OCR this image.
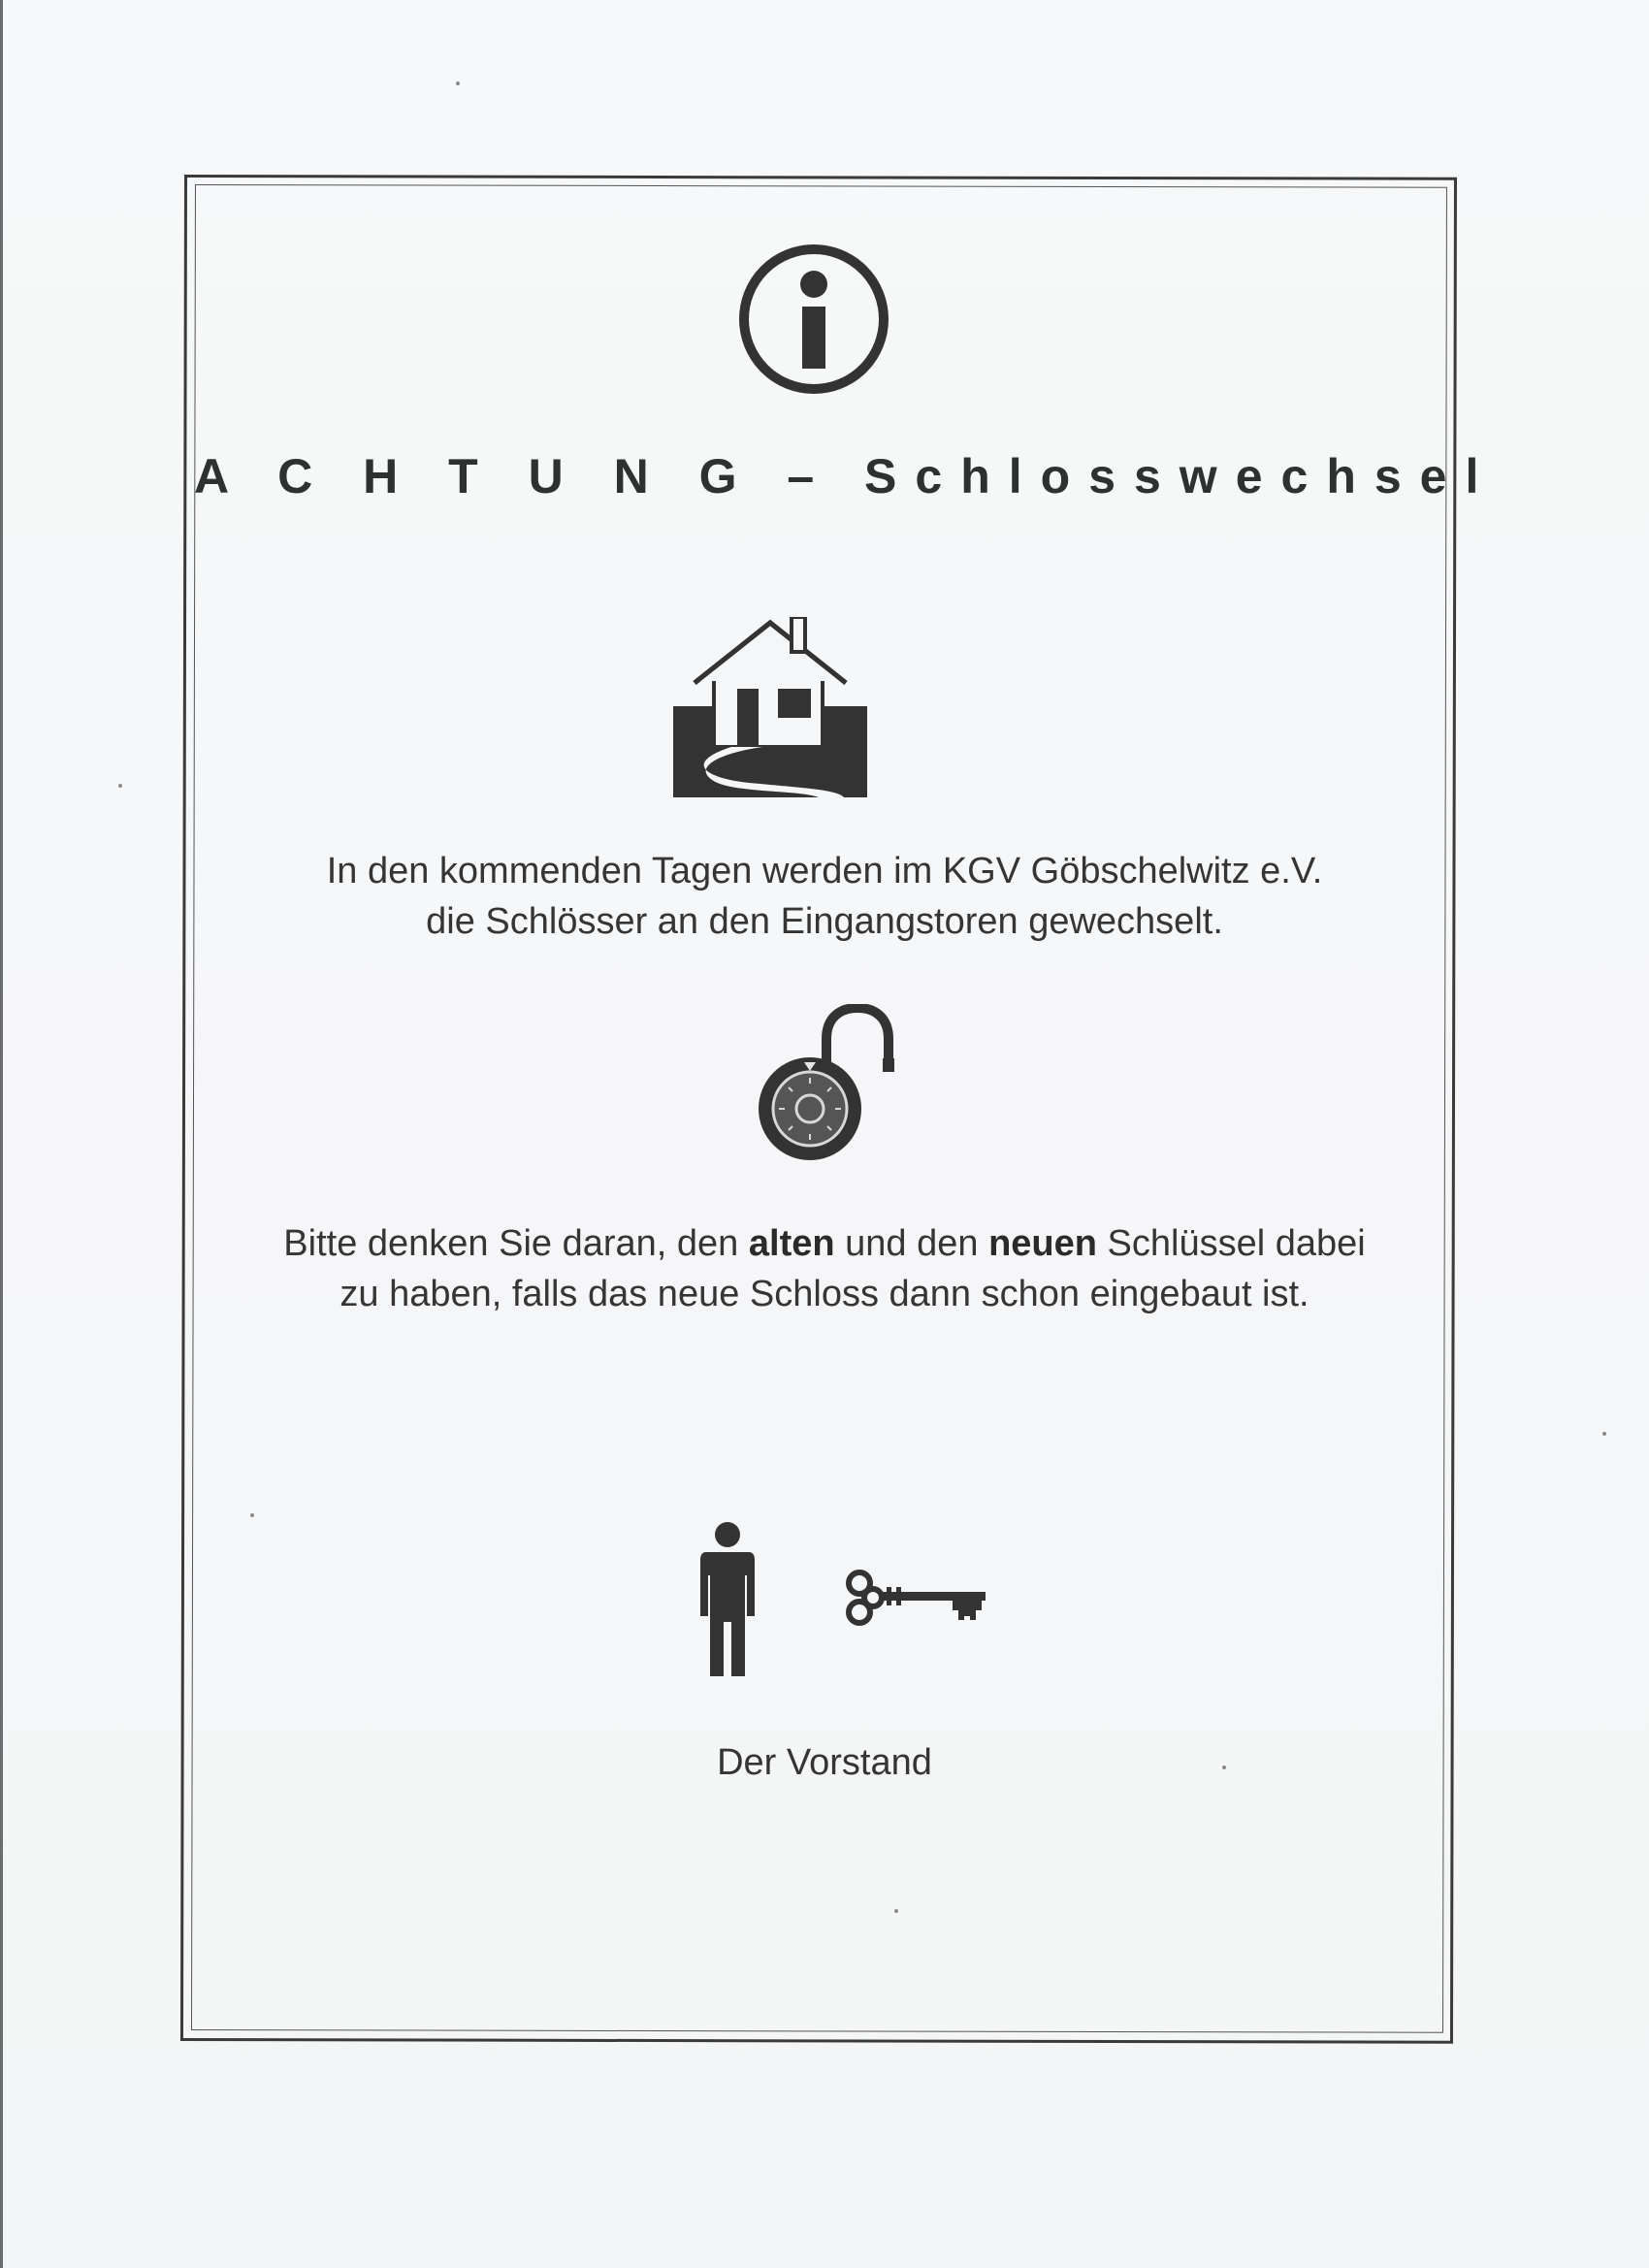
A C H T U N G – Schlosswechsel
In den kommenden Tagen werden im KGV Göbschelwitz e.V.
die Schlösser an den Eingangstoren gewechselt.
Bitte denken Sie daran, den alten und den neuen Schlüssel dabei
zu haben, falls das neue Schloss dann schon eingebaut ist.
Der Vorstand
